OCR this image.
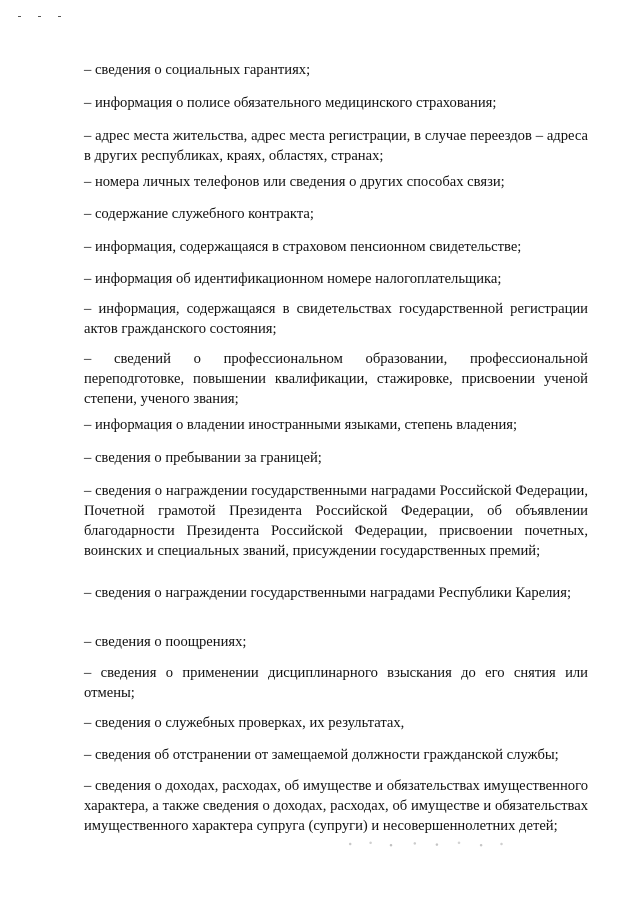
– сведения о социальных гарантиях;

– информация о полисе обязательного медицинского страхования;

– адрес места жительства, адрес места регистрации, в случае переездов – адреса в других республиках, краях, областях, странах;

– номера личных телефонов или сведения о других способах связи;

– содержание служебного контракта;

– информация, содержащаяся в страховом пенсионном свидетельстве;

– информация об идентификационном номере налогоплательщика;

– информация, содержащаяся в свидетельствах государственной регистрации актов гражданского состояния;

– сведений о профессиональном образовании, профессиональной переподготовке, повышении квалификации, стажировке, присвоении ученой степени, ученого звания;

– информация о владении иностранными языками, степень владения;

– сведения о пребывании за границей;

– сведения о награждении государственными наградами Российской Федерации, Почетной грамотой Президента Российской Федерации, об объявлении благодарности Президента Российской Федерации, присвоении почетных, воинских и специальных званий, присуждении государственных премий;

– сведения о награждении государственными наградами Республики Карелия;

– сведения о поощрениях;

– сведения о применении дисциплинарного взыскания до его снятия или отмены;

– сведения о служебных проверках, их результатах,

– сведения об отстранении от замещаемой должности гражданской службы;

– сведения о доходах, расходах, об имуществе и обязательствах имущественного характера, а также сведения о доходах, расходах, об имуществе и обязательствах имущественного характера супруга (супруги) и несовершеннолетних детей;
